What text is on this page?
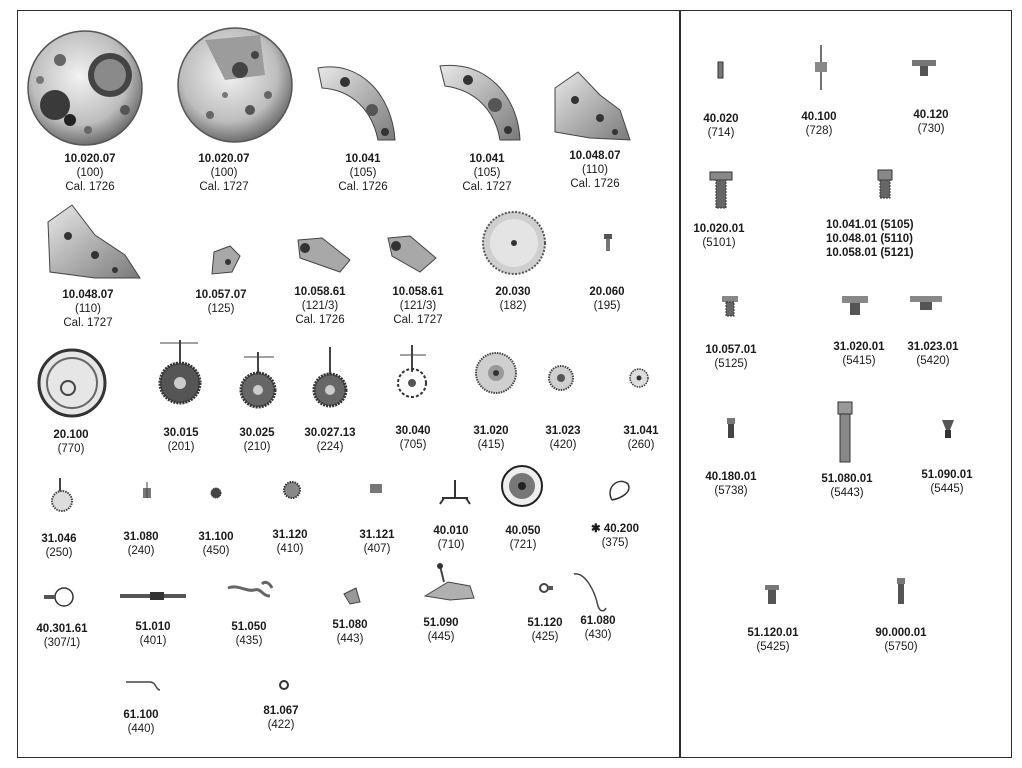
10.020.07
(100)
Cal. 1726
10.020.07
(100)
Cal. 1727
10.041
(105)
Cal. 1726
10.041
(105)
Cal. 1727
10.048.07
(110)
Cal. 1726
10.048.07
(110)
Cal. 1727
10.057.07
(125)
10.058.61
(121/3)
Cal. 1726
10.058.61
(121/3)
Cal. 1727
20.030
(182)
20.060
(195)
20.100
(770)
30.015
(201)
30.025
(210)
30.027.13
(224)
30.040
(705)
31.020
(415)
31.023
(420)
31.041
(260)
31.046
(250)
31.080
(240)
31.100
(450)
31.120
(410)
31.121
(407)
40.010
(710)
40.050
(721)
✱ 40.200
(375)
40.301.61
(307/1)
51.010
(401)
51.050
(435)
51.080
(443)
51.090
(445)
51.120
(425)
61.080
(430)
61.100
(440)
81.067
(422)
40.020
(714)
40.100
(728)
40.120
(730)
10.020.01
(5101)
10.041.01 (5105)
10.048.01 (5110)
10.058.01 (5121)
10.057.01
(5125)
31.020.01
(5415)
31.023.01
(5420)
40.180.01
(5738)
51.080.01
(5443)
51.090.01
(5445)
51.120.01
(5425)
90.000.01
(5750)
